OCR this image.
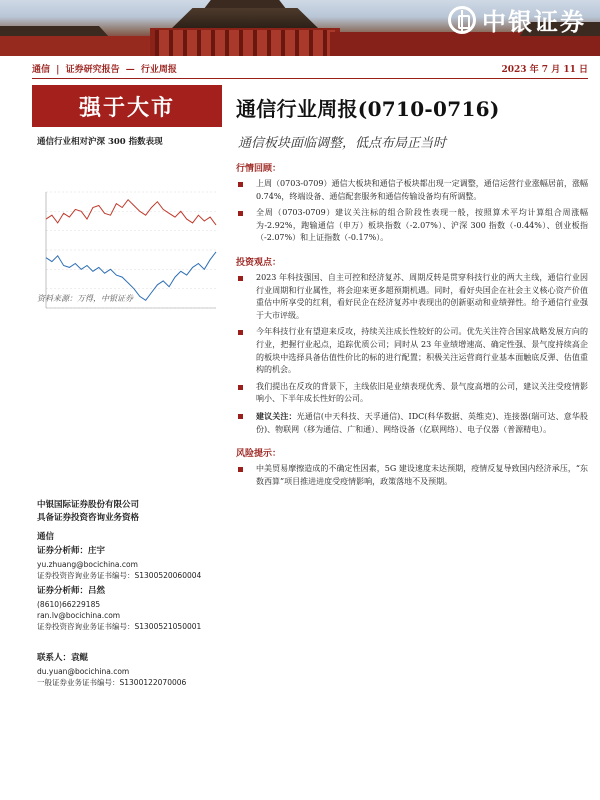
中银证券
通信 | 证券研究报告 — 行业周报	2023 年 7 月 11 日
强于大市
通信行业相对沪深 300 指数表现
资料来源：万得，中银证券
中银国际证券股份有限公司
具备证券投资咨询业务资格
通信
证券分析师：庄宇
yu.zhuang@bocichina.com
证券投资咨询业务证书编号：S1300520060004
证券分析师：吕然
(8610)66229185
ran.lv@bocichina.com
证券投资咨询业务证书编号：S1300521050001
联系人：袁鲲
du.yuan@bocichina.com
一般证券业务证书编号：S1300122070006
通信行业周报(0710-0716)
通信板块面临调整，低点布局正当时
行情回顾：
上周（0703-0709）通信大板块和通信子板块都出现一定调整，通信运营行业涨幅居前，涨幅 0.74%，终端设备、通信配套服务和通信传输设备均有所调整。
全周（0703-0709）建议关注标的组合阶段性表现一般，按照算术平均计算组合周涨幅为-2.92%，跑输通信（申万）板块指数（-2.07%）、沪深 300 指数（-0.44%）、创业板指（-2.07%）和上证指数（-0.17%）。
投资观点：
2023 年科技强国、自主可控和经济复苏、周期反转是贯穿科技行业的两大主线，通信行业因行业周期和行业属性，将会迎来更多超预期机遇。同时，看好央国企在社会主义核心资产价值重估中所享受的红利，看好民企在经济复苏中表现出的创新驱动和业绩弹性。给予通信行业强于大市评级。
今年科技行业有望迎来反攻，持续关注成长性较好的公司。优先关注符合国家战略发展方向的行业，把握行业起点，追踪优质公司；同时从 23 年业绩增速高、确定性强、景气度持续高企的板块中选择具备估值性价比的标的进行配置；积极关注运营商行业基本面触底反弹、估值重构的机会。
我们提出在反攻的背景下，主线依旧是业绩表现优秀、景气度高增的公司，建议关注受疫情影响小、下半年成长性好的公司。
建议关注：光通信(中天科技、天孚通信)、IDC(科华数据、英维克)、连接器(瑞可达、意华股份)、物联网（移为通信、广和通）、网络设备（亿联网络）、电子仪器（普源精电）。
风险提示：
中美贸易摩擦造成的不确定性因素，5G 建设速度未达预期，疫情反复导致国内经济承压，“东数西算”项目推进进度受疫情影响，政策落地不及预期。
